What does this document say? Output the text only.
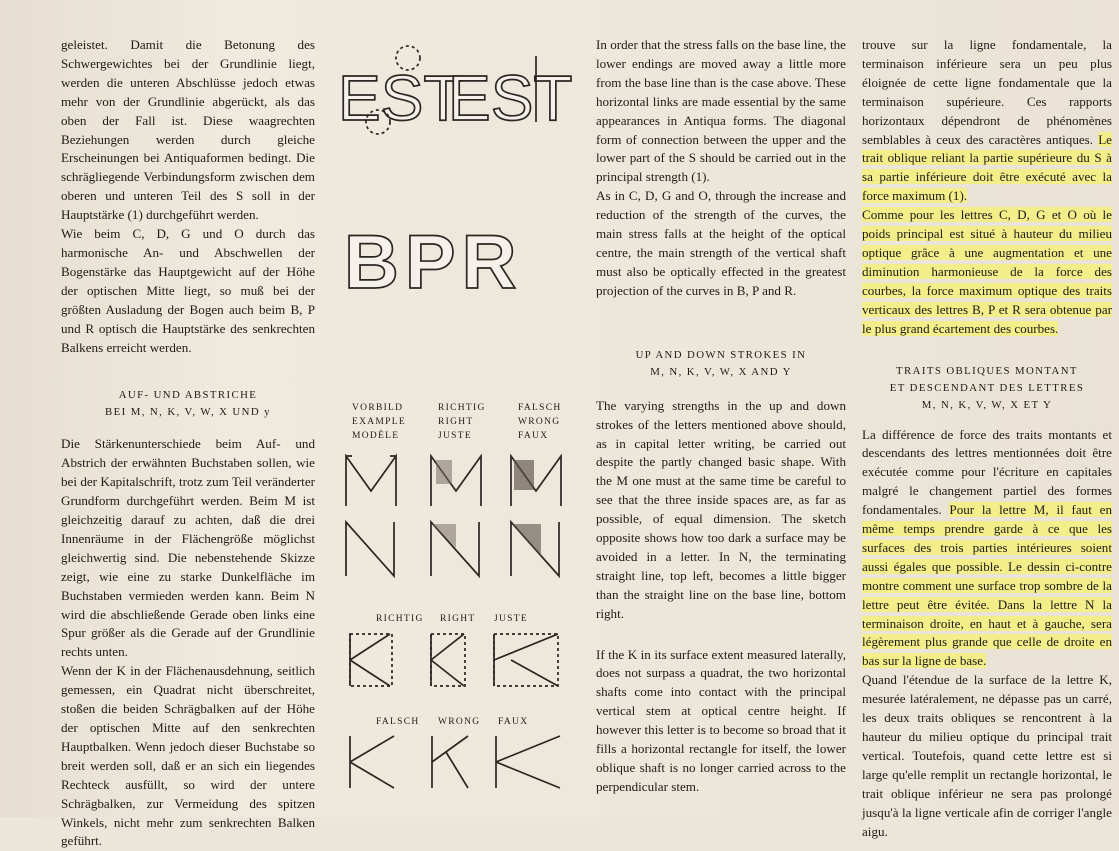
geleistet. Damit die Betonung des Schwergewichtes bei der Grundlinie liegt, werden die unteren Abschlüsse jedoch etwas mehr von der Grundlinie abgerückt, als das oben der Fall ist. Diese waagrechten Beziehungen werden durch gleiche Erscheinungen bei Antiquaformen bedingt. Die schrägliegende Verbindungsform zwischen dem oberen und unteren Teil des S soll in der Hauptstärke (1) durchgeführt werden.

Wie beim C, D, G und O durch das harmonische An- und Abschwellen der Bogenstärke das Hauptgewicht auf der Höhe der optischen Mitte liegt, so muß bei der größten Ausladung der Bogen auch beim B, P und R optisch die Hauptstärke des senkrechten Balkens erreicht werden.

AUF- UND ABSTRICHE

BEI M, N, K, V, W, X UND y

Die Stärkenunterschiede beim Auf- und Abstrich der erwähnten Buchstaben sollen, wie bei der Kapitalschrift, trotz zum Teil veränderter Grundform durchgeführt werden. Beim M ist gleichzeitig darauf zu achten, daß die drei Innenräume in der Flächengröße möglichst gleichwertig sind. Die nebenstehende Skizze zeigt, wie eine zu starke Dunkelfläche im Buchstaben vermieden werden kann. Beim N wird die abschließende Gerade oben links eine Spur größer als die Gerade auf der Grundlinie rechts unten.

Wenn der K in der Flächenausdehnung, seitlich gemessen, ein Quadrat nicht überschreitet, stoßen die beiden Schrägbalken auf der Höhe der optischen Mitte auf den senkrechten Hauptbalken. Wenn jedoch dieser Buchstabe so breit werden soll, daß er an sich ein liegendes Rechteck ausfüllt, so wird der untere Schrägbalken, zur Vermeidung des spitzen Winkels, nicht mehr zum senkrechten Balken geführt.

EST
EST
BPR
VORBILD
EXAMPLE
MODÈLE
RICHTIG
RIGHT
JUSTE
FALSCH
WRONG
FAUX
RICHTIG RIGHT JUSTE
FALSCH WRONG FAUX

In order that the stress falls on the base line, the lower endings are moved away a little more from the base line than is the case above. These horizontal links are made essential by the same appearances in Antiqua forms. The diagonal form of connection between the upper and the lower part of the S should be carried out in the principal strength (1).

As in C, D, G and O, through the increase and reduction of the strength of the curves, the main stress falls at the height of the optical centre, the main strength of the vertical shaft must also be optically effected in the greatest projection of the curves in B, P and R.

UP AND DOWN STROKES IN

M, N, K, V, W, X AND Y

The varying strengths in the up and down strokes of the letters mentioned above should, as in capital letter writing, be carried out despite the partly changed basic shape. With the M one must at the same time be careful to see that the three inside spaces are, as far as possible, of equal dimension. The sketch opposite shows how too dark a surface may be avoided in a letter. In N, the terminating straight line, top left, becomes a little bigger than the straight line on the base line, bottom right.

If the K in its surface extent measured laterally, does not surpass a quadrat, the two horizontal shafts come into contact with the principal vertical stem at optical centre height. If however this letter is to become so broad that it fills a horizontal rectangle for itself, the lower oblique shaft is no longer carried across to the perpendicular stem.

trouve sur la ligne fondamentale, la terminaison inférieure sera un peu plus éloignée de cette ligne fondamentale que la terminaison supérieure. Ces rapports horizontaux dépendront de phénomènes semblables à ceux des caractères antiques. Le trait oblique reliant la partie supérieure du S à sa partie inférieure doit être exécuté avec la force maximum (1).

Comme pour les lettres C, D, G et O où le poids principal est situé à hauteur du milieu optique grâce à une augmentation et une diminution harmonieuse de la force des courbes, la force maximum optique des traits verticaux des lettres B, P et R sera obtenue par le plus grand écartement des courbes.

TRAITS OBLIQUES MONTANT

ET DESCENDANT DES LETTRES

M, N, K, V, W, X ET Y

La différence de force des traits montants et descendants des lettres mentionnées doit être exécutée comme pour l'écriture en capitales malgré le changement partiel des formes fondamentales. Pour la lettre M, il faut en même temps prendre garde à ce que les surfaces des trois parties intérieures soient aussi égales que possible. Le dessin ci-contre montre comment une surface trop sombre de la lettre peut être évitée. Dans la lettre N la terminaison droite, en haut et à gauche, sera légèrement plus grande que celle de droite en bas sur la ligne de base.

Quand l'étendue de la surface de la lettre K, mesurée latéralement, ne dépasse pas un carré, les deux traits obliques se rencontrent à la hauteur du milieu optique du principal trait vertical. Toutefois, quand cette lettre est si large qu'elle remplit un rectangle horizontal, le trait oblique inférieur ne sera pas prolongé jusqu'à la ligne verticale afin de corriger l'angle aigu.
